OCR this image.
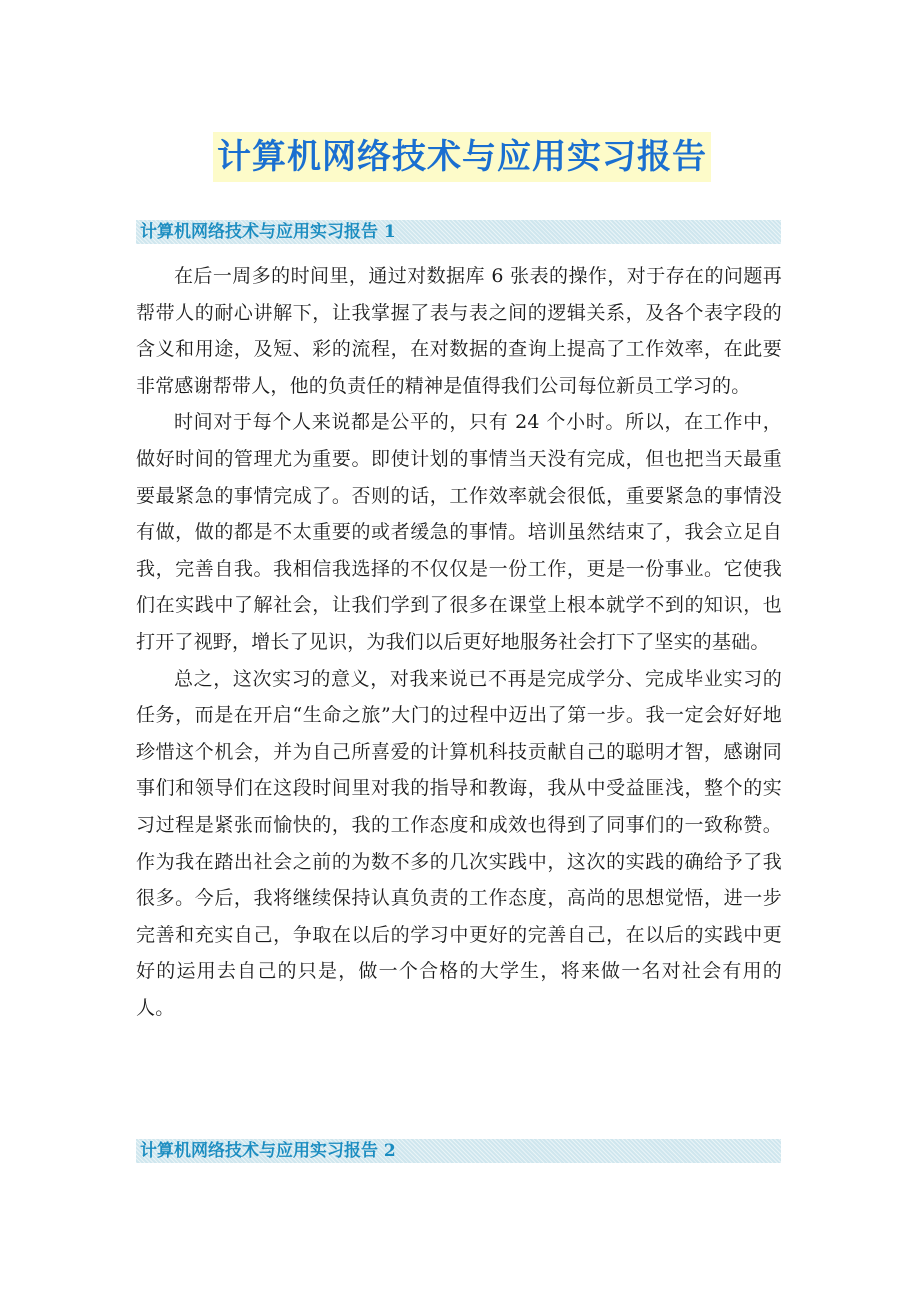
计算机网络技术与应用实习报告
计算机网络技术与应用实习报告 1

在后一周多的时间里，通过对数据库 6 张表的操作，对于存在的问题再帮带人的耐心讲解下，让我掌握了表与表之间的逻辑关系，及各个表字段的含义和用途，及短、彩的流程，在对数据的查询上提高了工作效率，在此要非常感谢帮带人，他的负责任的精神是值得我们公司每位新员工学习的。

时间对于每个人来说都是公平的，只有 24 个小时。所以，在工作中，做好时间的管理尤为重要。即使计划的事情当天没有完成，但也把当天最重要最紧急的事情完成了。否则的话，工作效率就会很低，重要紧急的事情没有做，做的都是不太重要的或者缓急的事情。培训虽然结束了，我会立足自我，完善自我。我相信我选择的不仅仅是一份工作，更是一份事业。它使我们在实践中了解社会，让我们学到了很多在课堂上根本就学不到的知识，也打开了视野，增长了见识，为我们以后更好地服务社会打下了坚实的基础。

总之，这次实习的意义，对我来说已不再是完成学分、完成毕业实习的任务，而是在开启“生命之旅”大门的过程中迈出了第一步。我一定会好好地珍惜这个机会，并为自己所喜爱的计算机科技贡献自己的聪明才智，感谢同事们和领导们在这段时间里对我的指导和教诲，我从中受益匪浅，整个的实习过程是紧张而愉快的，我的工作态度和成效也得到了同事们的一致称赞。作为我在踏出社会之前的为数不多的几次实践中，这次的实践的确给予了我很多。今后，我将继续保持认真负责的工作态度，高尚的思想觉悟，进一步完善和充实自己，争取在以后的学习中更好的完善自己，在以后的实践中更好的运用去自己的只是，做一个合格的大学生，将来做一名对社会有用的人。

计算机网络技术与应用实习报告 2
